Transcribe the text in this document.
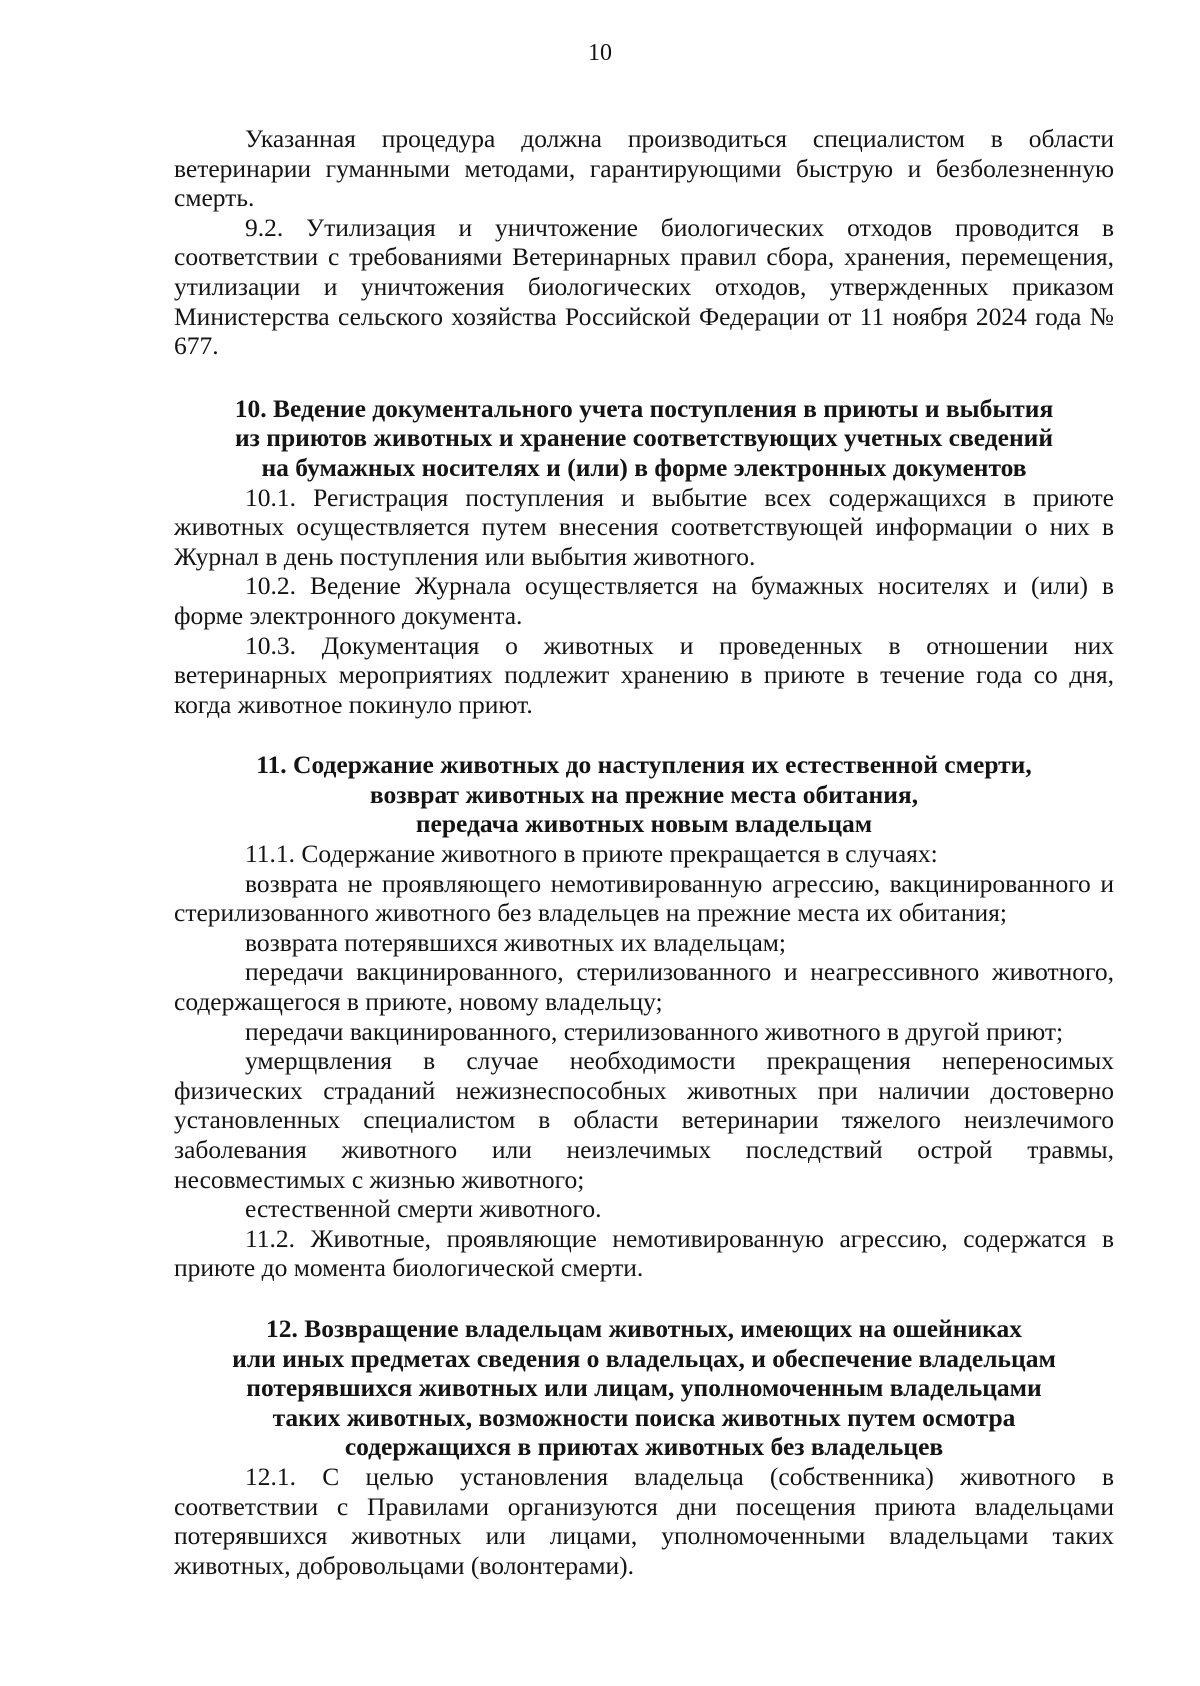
10

Указанная процедура должна производиться специалистом в области ветеринарии гуманными методами, гарантирующими быструю и безболезненную смерть.

9.2. Утилизация и уничтожение биологических отходов проводится в соответствии с требованиями Ветеринарных правил сбора, хранения, перемещения, утилизации и уничтожения биологических отходов, утвержденных приказом Министерства сельского хозяйства Российской Федерации от 11 ноября 2024 года № 677.

10. Ведение документального учета поступления в приюты и выбытия
из приютов животных и хранение соответствующих учетных сведений
на бумажных носителях и (или) в форме электронных документов

10.1. Регистрация поступления и выбытие всех содержащихся в приюте животных осуществляется путем внесения соответствующей информации о них в Журнал в день поступления или выбытия животного.

10.2. Ведение Журнала осуществляется на бумажных носителях и (или) в форме электронного документа.

10.3. Документация о животных и проведенных в отношении них ветеринарных мероприятиях подлежит хранению в приюте в течение года со дня, когда животное покинуло приют.

11. Содержание животных до наступления их естественной смерти,
возврат животных на прежние места обитания,
передача животных новым владельцам

11.1. Содержание животного в приюте прекращается в случаях:

возврата не проявляющего немотивированную агрессию, вакцинированного и стерилизованного животного без владельцев на прежние места их обитания;

возврата потерявшихся животных их владельцам;

передачи вакцинированного, стерилизованного и неагрессивного животного, содержащегося в приюте, новому владельцу;

передачи вакцинированного, стерилизованного животного в другой приют;

умерщвления в случае необходимости прекращения непереносимых физических страданий нежизнеспособных животных при наличии достоверно установленных специалистом в области ветеринарии тяжелого неизлечимого заболевания животного или неизлечимых последствий острой травмы, несовместимых с жизнью животного;

естественной смерти животного.

11.2. Животные, проявляющие немотивированную агрессию, содержатся в приюте до момента биологической смерти.

12. Возвращение владельцам животных, имеющих на ошейниках
или иных предметах сведения о владельцах, и обеспечение владельцам
потерявшихся животных или лицам, уполномоченным владельцами
таких животных, возможности поиска животных путем осмотра
содержащихся в приютах животных без владельцев

12.1. С целью установления владельца (собственника) животного в соответствии с Правилами организуются дни посещения приюта владельцами потерявшихся животных или лицами, уполномоченными владельцами таких животных, добровольцами (волонтерами).
